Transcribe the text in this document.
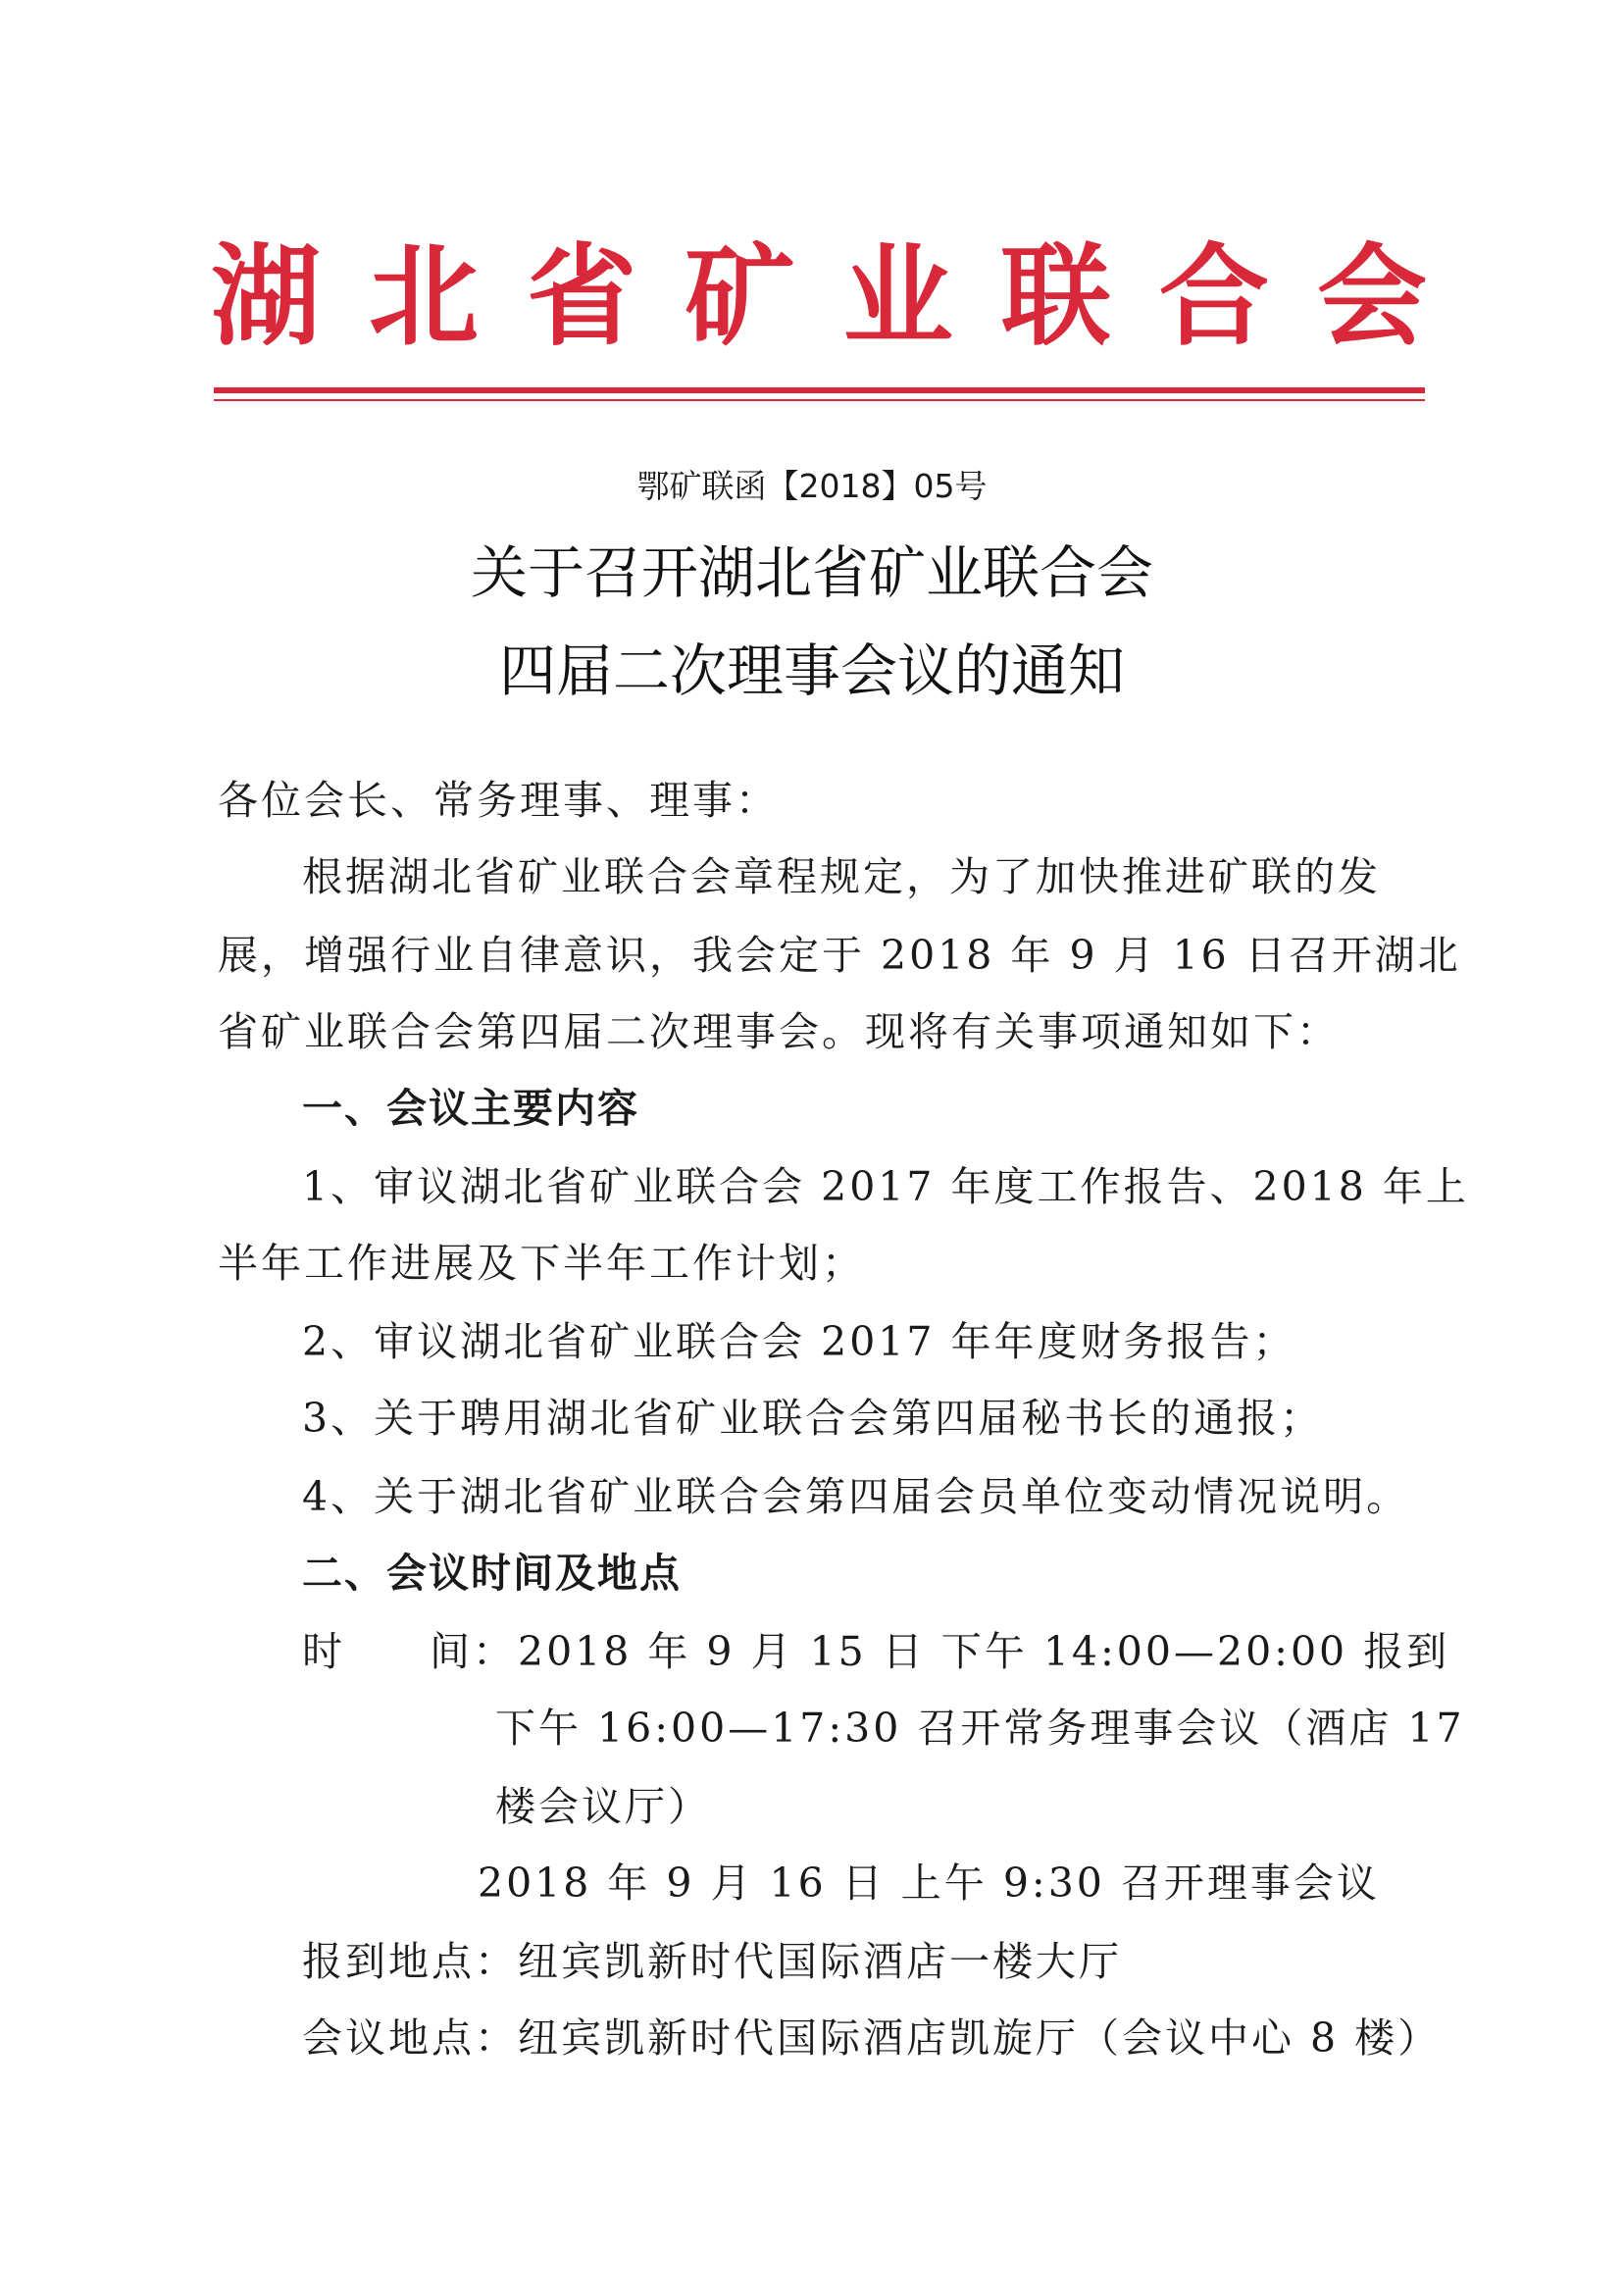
湖 北 省 矿 业 联 合 会
鄂矿联函【2018】05号
关于召开湖北省矿业联合会
四届二次理事会议的通知
各位会长、常务理事、理事：
根据湖北省矿业联合会章程规定，为了加快推进矿联的发
展，增强行业自律意识，我会定于 2018 年 9 月 16 日召开湖北
省矿业联合会第四届二次理事会。现将有关事项通知如下：
一、会议主要内容
1、审议湖北省矿业联合会 2017 年度工作报告、2018 年上
半年工作进展及下半年工作计划；
2、审议湖北省矿业联合会 2017 年年度财务报告；
3、关于聘用湖北省矿业联合会第四届秘书长的通报；
4、关于湖北省矿业联合会第四届会员单位变动情况说明。
二、会议时间及地点
时 间： 2018 年 9 月 15 日 下午 14:00—20:00 报到
下午 16:00—17:30 召开常务理事会议（酒店 17
楼会议厅）
2018 年 9 月 16 日 上午 9:30 召开理事会议
报到地点：纽宾凯新时代国际酒店一楼大厅
会议地点：纽宾凯新时代国际酒店凯旋厅（会议中心 8 楼）
